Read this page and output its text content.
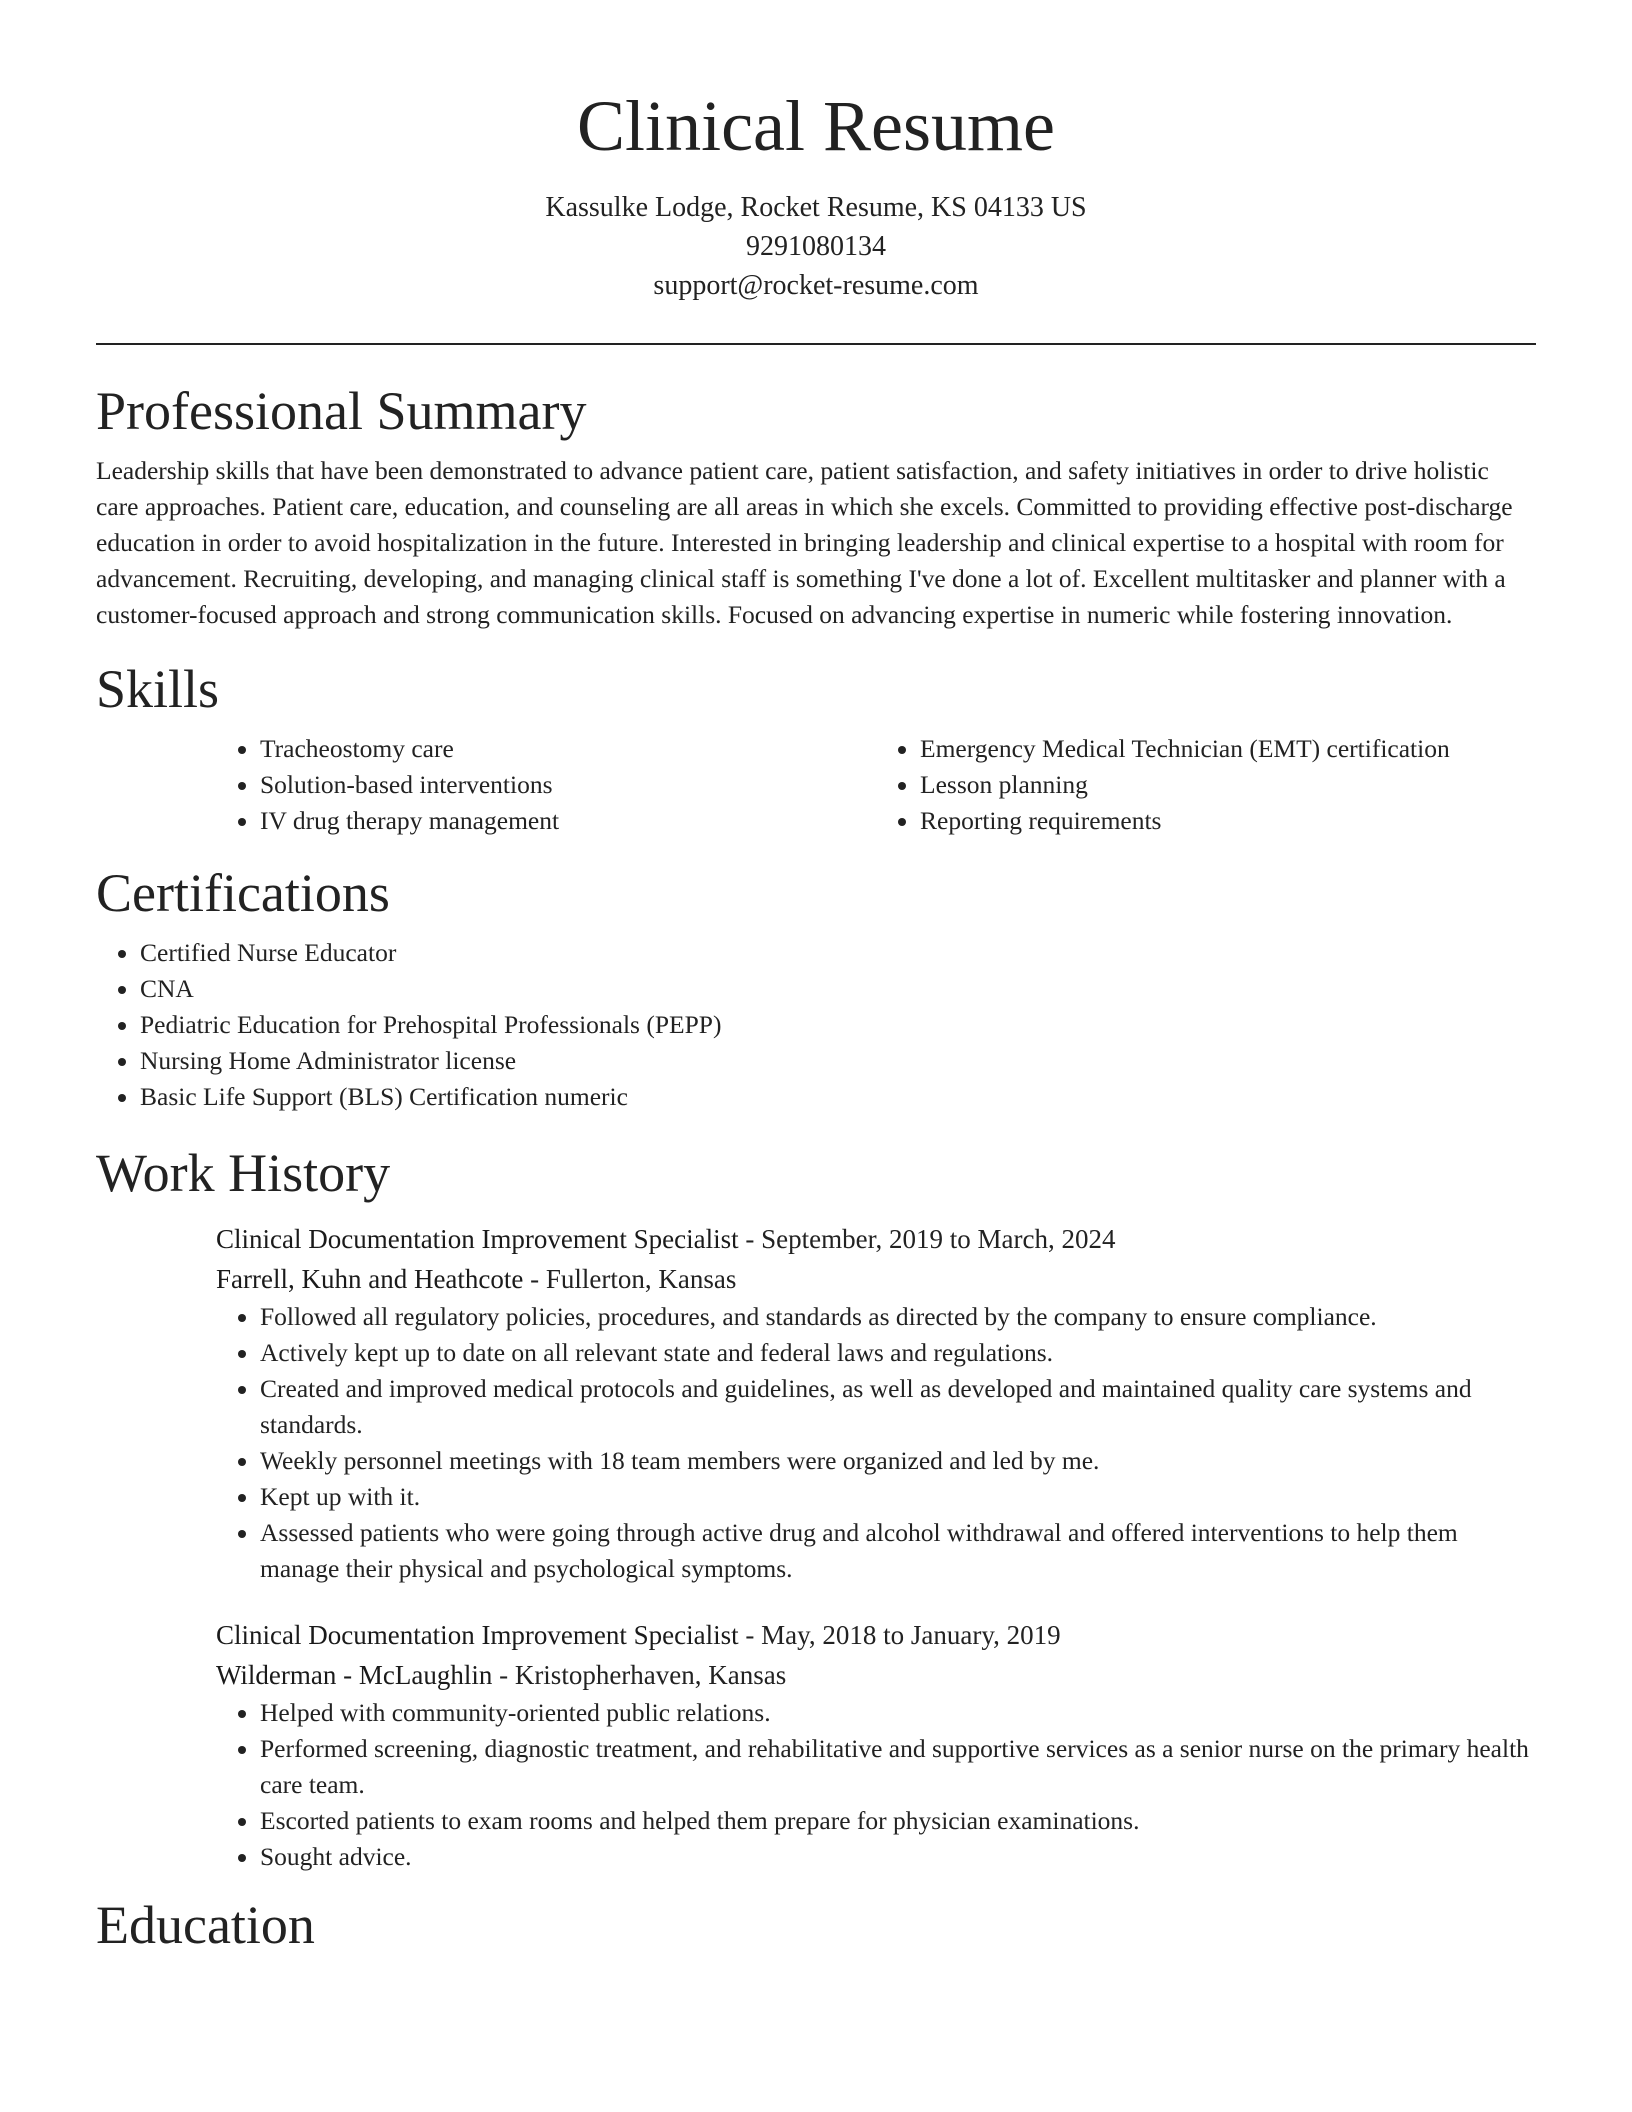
Clinical Resume
Kassulke Lodge, Rocket Resume, KS 04133 US
9291080134
support@rocket-resume.com
Professional Summary

Leadership skills that have been demonstrated to advance patient care, patient satisfaction, and safety initiatives in order to drive holistic care approaches. Patient care, education, and counseling are all areas in which she excels. Committed to providing effective post-discharge education in order to avoid hospitalization in the future. Interested in bringing leadership and clinical expertise to a hospital with room for advancement. Recruiting, developing, and managing clinical staff is something I've done a lot of. Excellent multitasker and planner with a customer-focused approach and strong communication skills. Focused on advancing expertise in numeric while fostering innovation.

Skills
• Tracheostomy care
• Solution-based interventions
• IV drug therapy management
• Emergency Medical Technician (EMT) certification
• Lesson planning
• Reporting requirements
Certifications
• Certified Nurse Educator
• CNA
• Pediatric Education for Prehospital Professionals (PEPP)
• Nursing Home Administrator license
• Basic Life Support (BLS) Certification numeric
Work History
Clinical Documentation Improvement Specialist - September, 2019 to March, 2024
Farrell, Kuhn and Heathcote - Fullerton, Kansas
• Followed all regulatory policies, procedures, and standards as directed by the company to ensure compliance.
• Actively kept up to date on all relevant state and federal laws and regulations.
• Created and improved medical protocols and guidelines, as well as developed and maintained quality care systems and standards.
• Weekly personnel meetings with 18 team members were organized and led by me.
• Kept up with it.
• Assessed patients who were going through active drug and alcohol withdrawal and offered interventions to help them manage their physical and psychological symptoms.
Clinical Documentation Improvement Specialist - May, 2018 to January, 2019
Wilderman - McLaughlin - Kristopherhaven, Kansas
• Helped with community-oriented public relations.
• Performed screening, diagnostic treatment, and rehabilitative and supportive services as a senior nurse on the primary health care team.
• Escorted patients to exam rooms and helped them prepare for physician examinations.
• Sought advice.
Education
